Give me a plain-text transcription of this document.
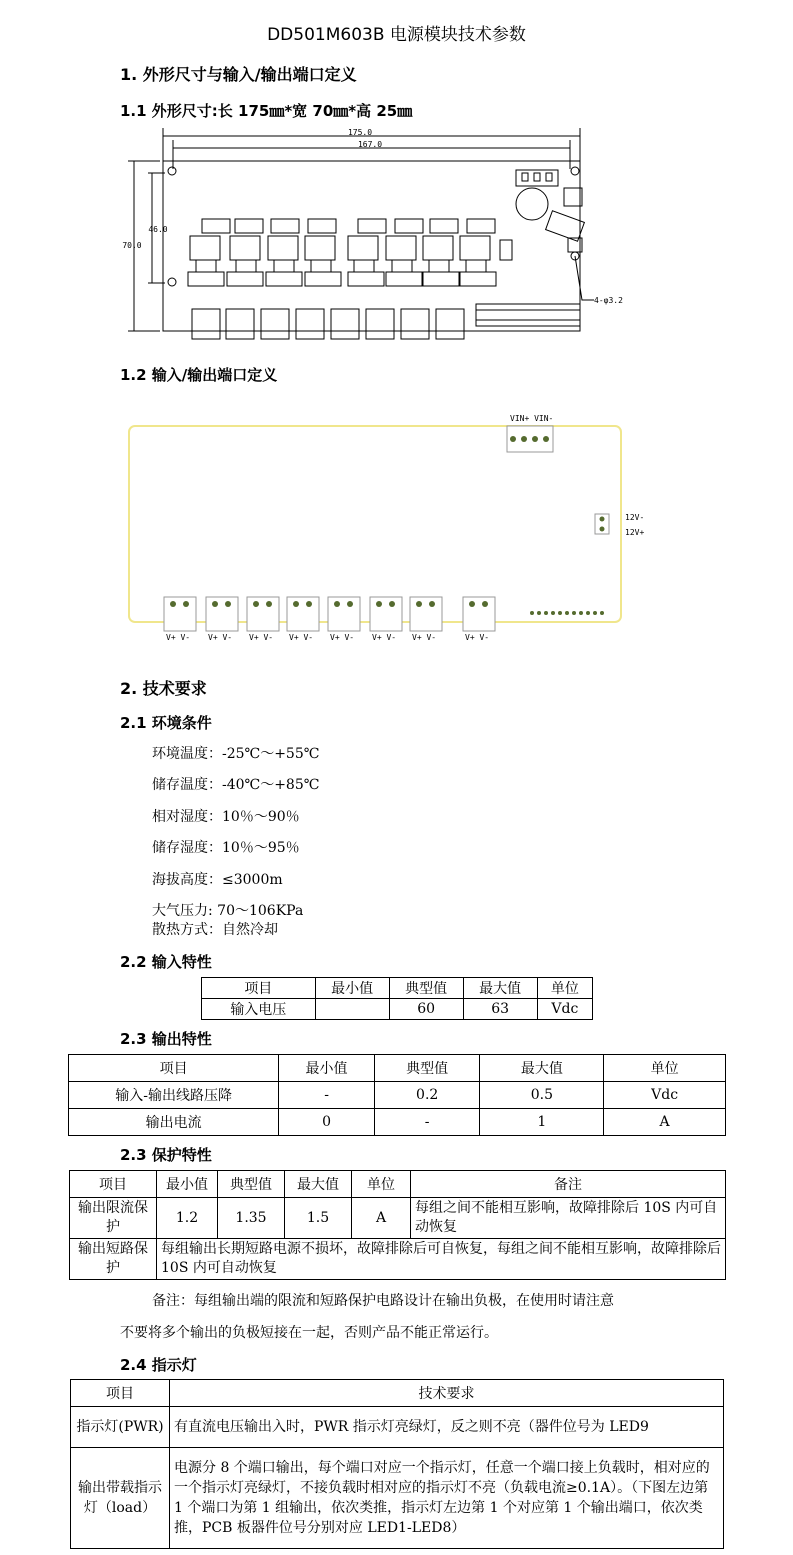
DD501M603B 电源模块技术参数
1. 外形尺寸与输入/输出端口定义
1.1 外形尺寸:长 175㎜*宽 70㎜*高 25㎜
175.0
167.0
46.0
70.0
4-φ3.2
1.2 输入/输出端口定义
VIN+ VIN-
12V-
12V+
V+ V- V+ V- V+ V- V+ V- V+ V- V+ V- V+ V-	V+ V-
2. 技术要求
2.1 环境条件
环境温度：-25℃～+55℃
储存温度：-40℃～+85℃
相对湿度：10％～90％
储存湿度：10％～95％
海拔高度：≤3000m
大气压力: 70～106KPa
散热方式：自然冷却
2.2 输入特性
项目	最小值	典型值	最大值	单位
输入电压		60	63	Vdc
2.3 输出特性
项目	最小值	典型值	最大值	单位
输入-输出线路压降	-	0.2	0.5	Vdc
输出电流	0	-	1	A
2.3 保护特性
项目	最小值	典型值	最大值	单位	备注
输出限流保护	1.2	1.35	1.5	A	每组之间不能相互影响，故障排除后 10S 内可自动恢复
输出短路保护	每组输出长期短路电源不损坏，故障排除后可自恢复，每组之间不能相互影响，故障排除后 10S 内可自动恢复				
备注：每组输出端的限流和短路保护电路设计在输出负极，在使用时请注意
不要将多个输出的负极短接在一起，否则产品不能正常运行。
2.4 指示灯
项目	技术要求
指示灯(PWR)	有直流电压输出入时，PWR 指示灯亮绿灯，反之则不亮（器件位号为 LED9
输出带载指示灯（load）	电源分 8 个端口输出，每个端口对应一个指示灯，任意一个端口接上负载时，相对应的一个指示灯亮绿灯，不接负载时相对应的指示灯不亮（负载电流≥0.1A）。（下图左边第 1 个端口为第 1 组输出，依次类推，指示灯左边第 1 个对应第 1 个输出端口，依次类推，PCB 板器件位号分别对应 LED1-LED8）
